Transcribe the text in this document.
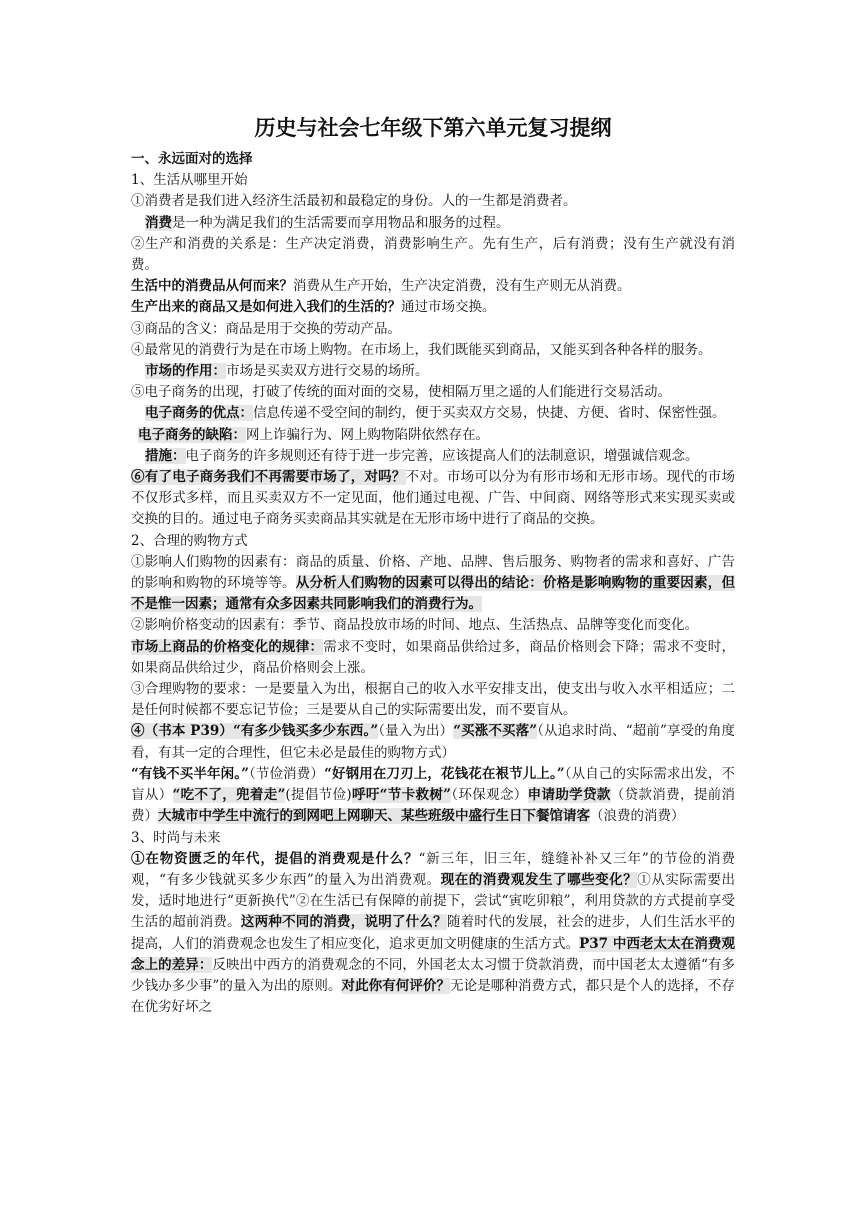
历史与社会七年级下第六单元复习提纲

一、永远面对的选择

1、生活从哪里开始

①消费者是我们进入经济生活最初和最稳定的身份。人的一生都是消费者。

消费是一种为满足我们的生活需要而享用物品和服务的过程。

②生产和消费的关系是：生产决定消费，消费影响生产。先有生产，后有消费；没有生产就没有消费。

生活中的消费品从何而来？消费从生产开始，生产决定消费，没有生产则无从消费。

生产出来的商品又是如何进入我们的生活的？通过市场交换。

③商品的含义：商品是用于交换的劳动产品。

④最常见的消费行为是在市场上购物。在市场上，我们既能买到商品，又能买到各种各样的服务。

市场的作用：市场是买卖双方进行交易的场所。

⑤电子商务的出现，打破了传统的面对面的交易，使相隔万里之遥的人们能进行交易活动。

电子商务的优点：信息传递不受空间的制约，便于买卖双方交易，快捷、方便、省时、保密性强。

电子商务的缺陷：网上诈骗行为、网上购物陷阱依然存在。

措施：电子商务的许多规则还有待于进一步完善，应该提高人们的法制意识，增强诚信观念。

⑥有了电子商务我们不再需要市场了，对吗？不对。市场可以分为有形市场和无形市场。现代的市场不仅形式多样，而且买卖双方不一定见面，他们通过电视、广告、中间商、网络等形式来实现买卖或交换的目的。通过电子商务买卖商品其实就是在无形市场中进行了商品的交换。

2、合理的购物方式

①影响人们购物的因素有：商品的质量、价格、产地、品牌、售后服务、购物者的需求和喜好、广告的影响和购物的环境等等。从分析人们购物的因素可以得出的结论：价格是影响购物的重要因素，但不是惟一因素；通常有众多因素共同影响我们的消费行为。

②影响价格变动的因素有：季节、商品投放市场的时间、地点、生活热点、品牌等变化而变化。

市场上商品的价格变化的规律：需求不变时，如果商品供给过多，商品价格则会下降；需求不变时，如果商品供给过少，商品价格则会上涨。

③合理购物的要求：一是要量入为出，根据自己的收入水平安排支出，使支出与收入水平相适应；二是任何时候都不要忘记节俭；三是要从自己的实际需要出发，而不要盲从。

④（书本 P39）“有多少钱买多少东西。”（量入为出）“买涨不买落”（从追求时尚、“超前”享受的角度看，有其一定的合理性，但它未必是最佳的购物方式）

“有钱不买半年闲。”（节俭消费）“好钢用在刀刃上，花钱花在裉节儿上。”（从自己的实际需求出发，不盲从）“吃不了，兜着走”(提倡节俭)呼吁“节卡救树”（环保观念）申请助学贷款（贷款消费，提前消费）大城市中学生中流行的到网吧上网聊天、某些班级中盛行生日下餐馆请客（浪费的消费）

3、时尚与未来

①在物资匮乏的年代，提倡的消费观是什么？“新三年，旧三年，缝缝补补又三年”的节俭的消费观，“有多少钱就买多少东西”的量入为出消费观。现在的消费观发生了哪些变化？①从实际需要出发，适时地进行“更新换代”②在生活已有保障的前提下，尝试“寅吃卯粮”，利用贷款的方式提前享受生活的超前消费。这两种不同的消费，说明了什么？随着时代的发展，社会的进步，人们生活水平的提高，人们的消费观念也发生了相应变化，追求更加文明健康的生活方式。P37 中西老太太在消费观念上的差异：反映出中西方的消费观念的不同，外国老太太习惯于贷款消费，而中国老太太遵循“有多少钱办多少事”的量入为出的原则。对此你有何评价？无论是哪种消费方式，都只是个人的选择，不存在优劣好坏之
